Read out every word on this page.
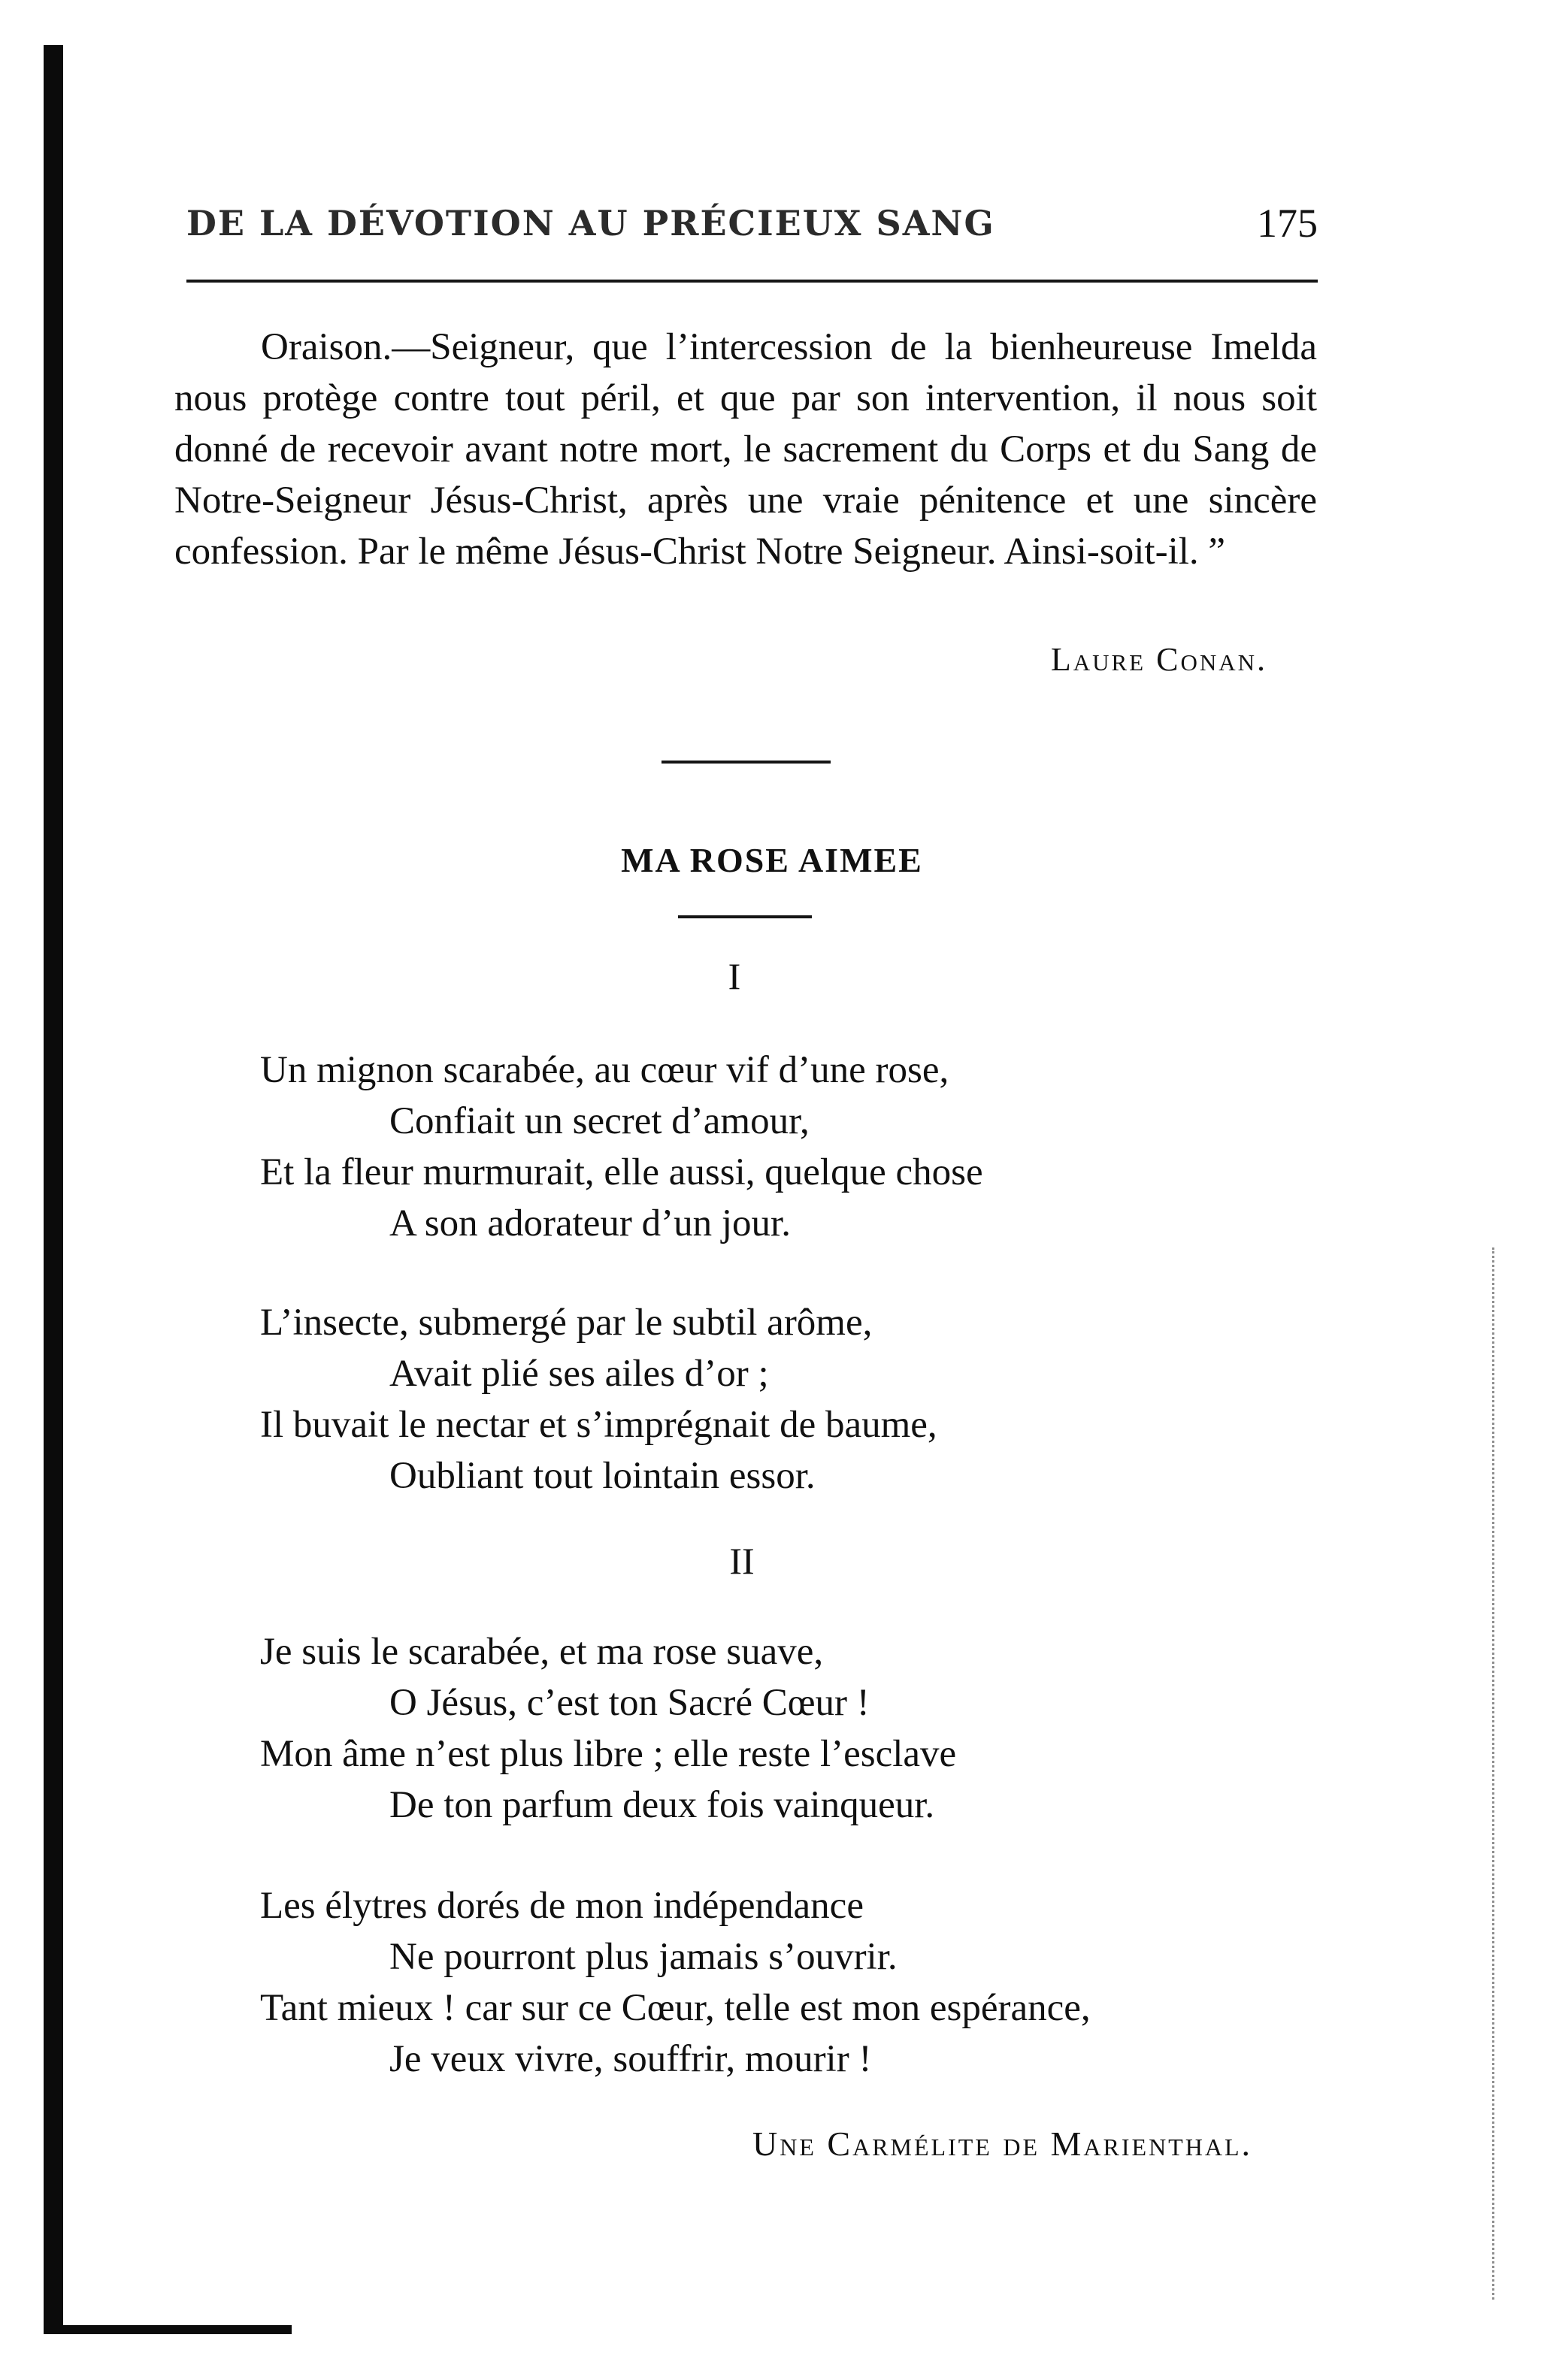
DE LA DÉVOTION AU PRÉCIEUX SANG	175

Oraison.—Seigneur, que l’intercession de la bienheureuse Imelda nous protège contre tout péril, et que par son intervention, il nous soit donné de recevoir avant notre mort, le sacrement du Corps et du Sang de Notre-Seigneur Jésus-Christ, après une vraie pénitence et une sincère confession. Par le même Jésus-Christ Notre Seigneur. Ainsi-soit-il. ”

Laure Conan.
MA ROSE AIMEE
I
Un mignon scarabée, au cœur vif d’une rose,
Confiait un secret d’amour,
Et la fleur murmurait, elle aussi, quelque chose
A son adorateur d’un jour.
L’insecte, submergé par le subtil arôme,
Avait plié ses ailes d’or ;
Il buvait le nectar et s’imprégnait de baume,
Oubliant tout lointain essor.
II
Je suis le scarabée, et ma rose suave,
O Jésus, c’est ton Sacré Cœur !
Mon âme n’est plus libre ; elle reste l’esclave
De ton parfum deux fois vainqueur.
Les élytres dorés de mon indépendance
Ne pourront plus jamais s’ouvrir.
Tant mieux ! car sur ce Cœur, telle est mon espérance,
Je veux vivre, souffrir, mourir !
Une Carmélite de Marienthal.
